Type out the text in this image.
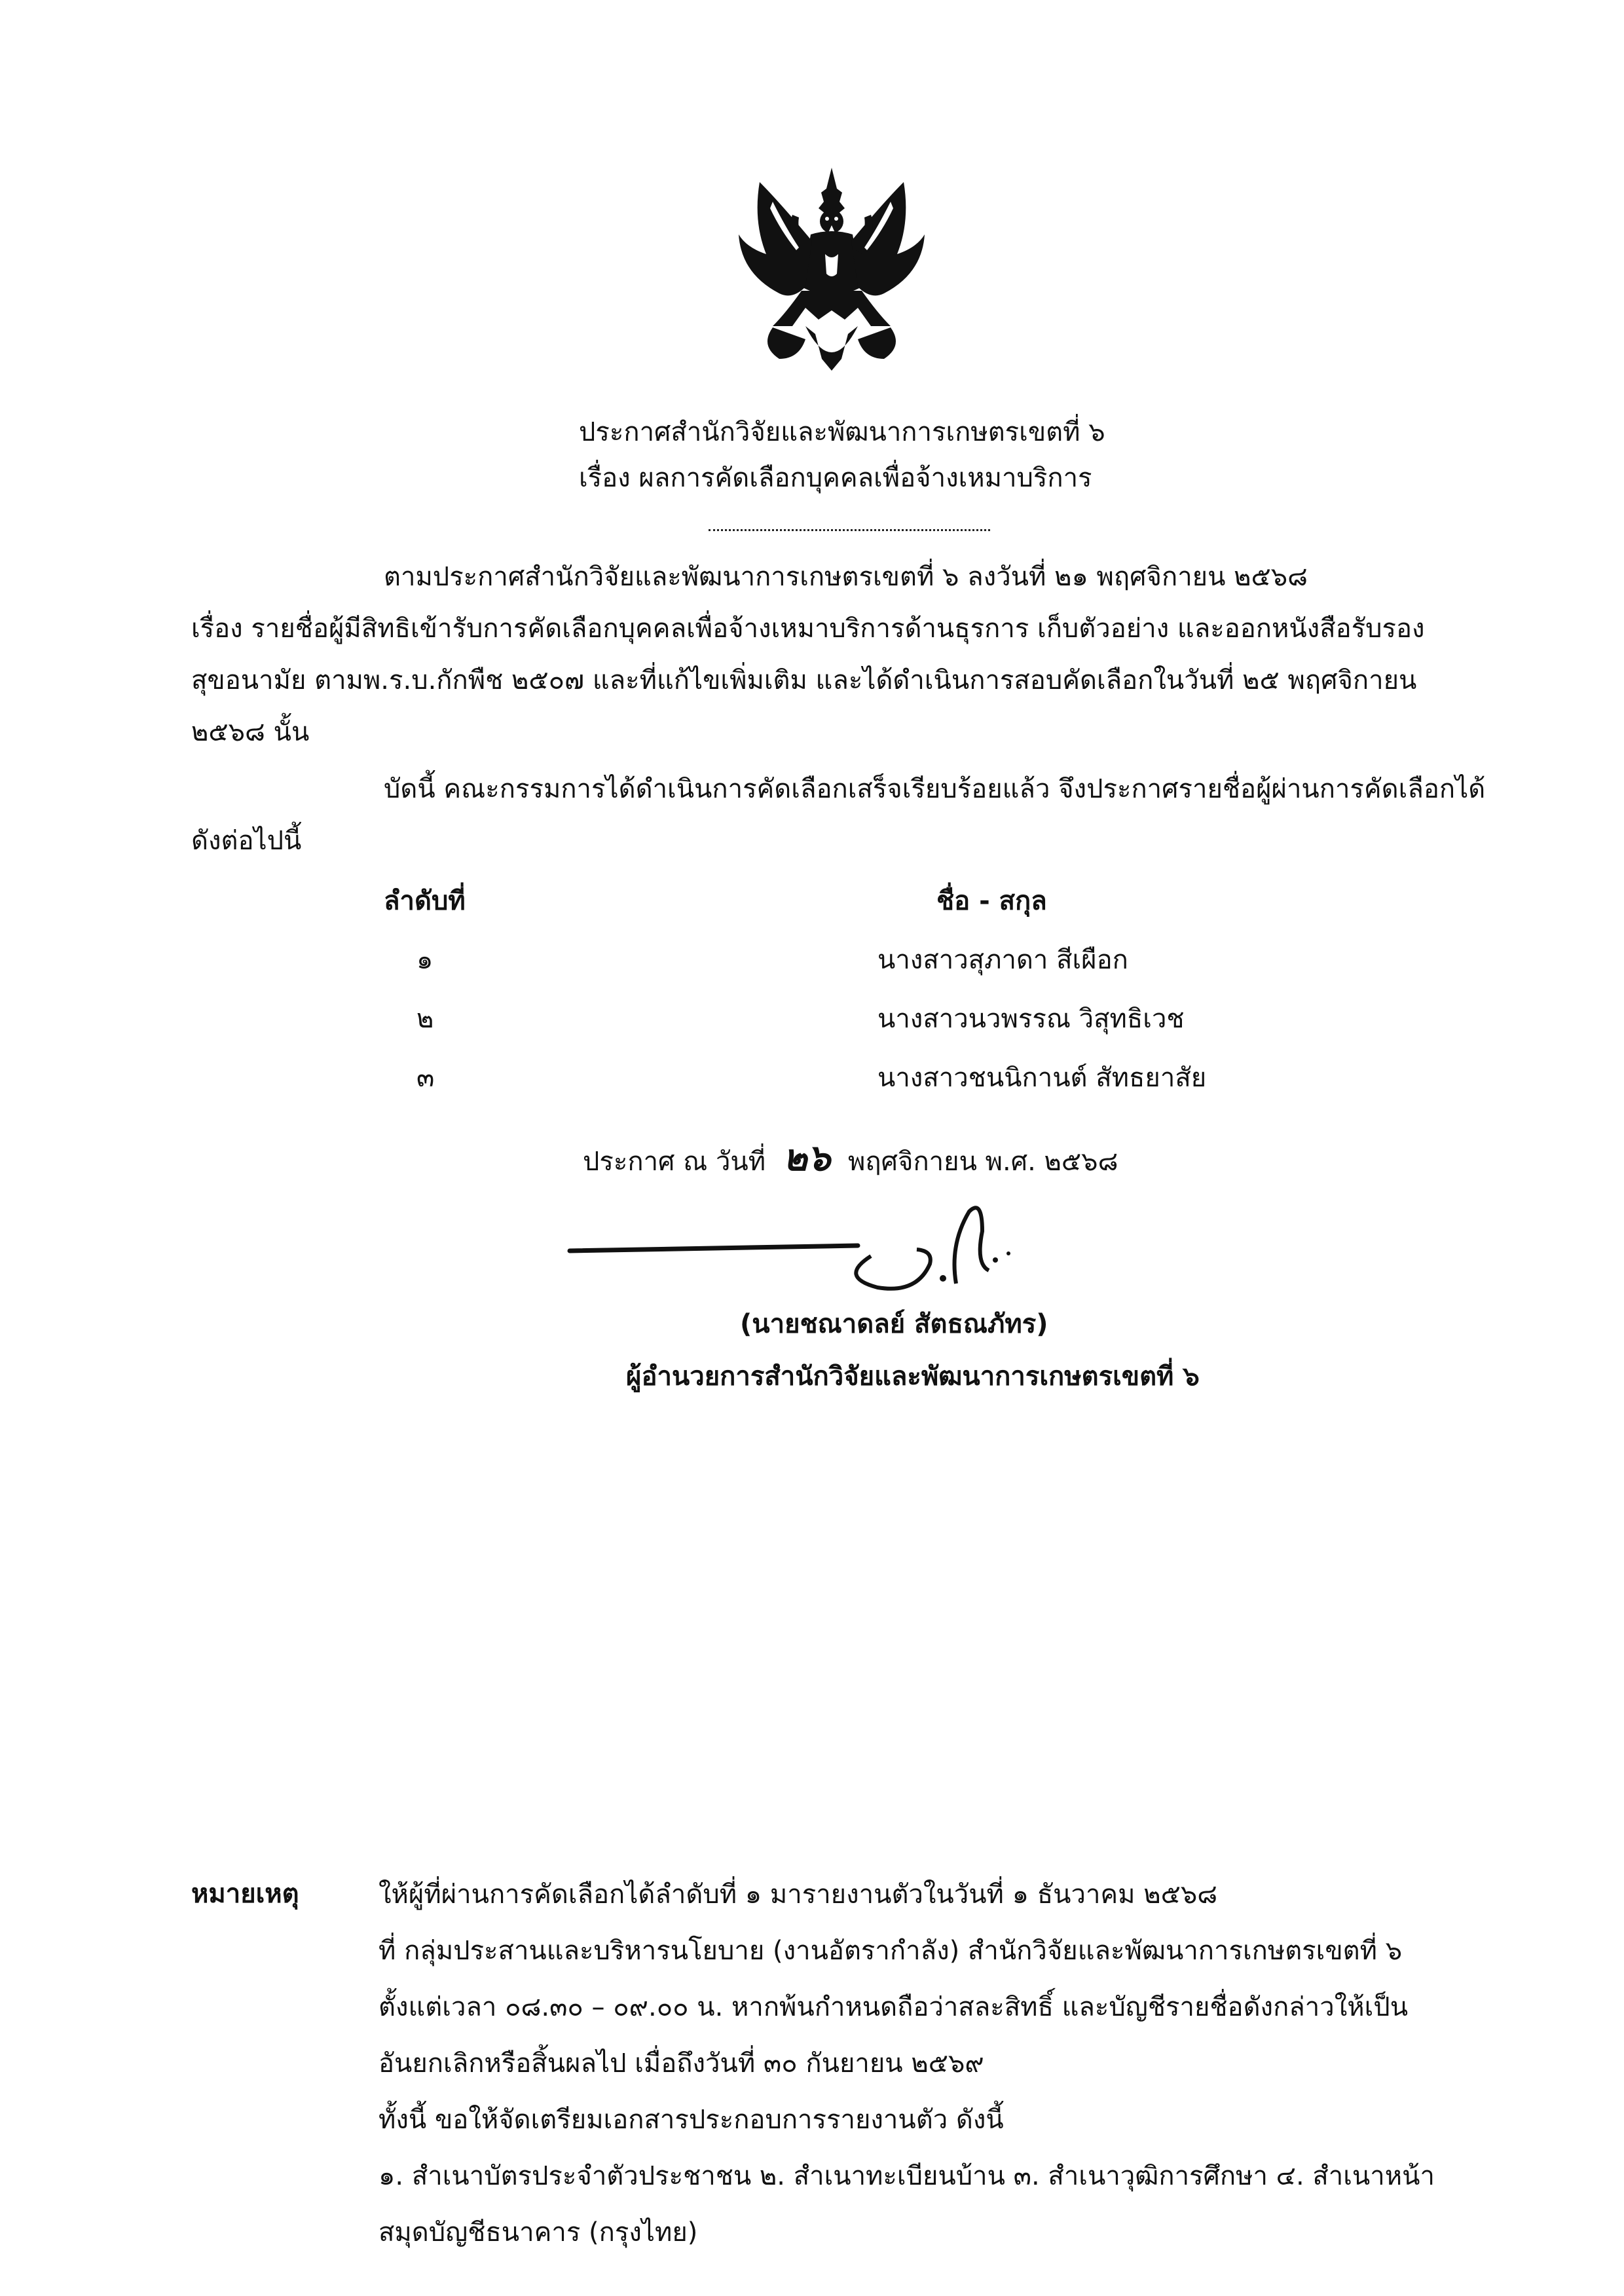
ประกาศสำนักวิจัยและพัฒนาการเกษตรเขตที่ ๖
เรื่อง ผลการคัดเลือกบุคคลเพื่อจ้างเหมาบริการ
ตามประกาศสำนักวิจัยและพัฒนาการเกษตรเขตที่ ๖ ลงวันที่ ๒๑ พฤศจิกายน ๒๕๖๘
เรื่อง รายชื่อผู้มีสิทธิเข้ารับการคัดเลือกบุคคลเพื่อจ้างเหมาบริการด้านธุรการ เก็บตัวอย่าง และออกหนังสือรับรอง
สุขอนามัย ตามพ.ร.บ.กักพืช ๒๕๐๗ และที่แก้ไขเพิ่มเติม และได้ดำเนินการสอบคัดเลือกในวันที่ ๒๕ พฤศจิกายน
๒๕๖๘ นั้น
บัดนี้ คณะกรรมการได้ดำเนินการคัดเลือกเสร็จเรียบร้อยแล้ว จึงประกาศรายชื่อผู้ผ่านการคัดเลือกได้
ดังต่อไปนี้
ลำดับที่	ชื่อ - สกุล
๑	นางสาวสุภาดา สีเผือก
๒	นางสาวนวพรรณ วิสุทธิเวช
๓	นางสาวชนนิกานต์ สัทธยาสัย
ประกาศ ณ วันที่ ๒๖ พฤศจิกายน พ.ศ. ๒๕๖๘
(นายชณาดลย์ สัตธณภัทร)
ผู้อำนวยการสำนักวิจัยและพัฒนาการเกษตรเขตที่ ๖
หมายเหตุ	ให้ผู้ที่ผ่านการคัดเลือกได้ลำดับที่ ๑ มารายงานตัวในวันที่ ๑ ธันวาคม ๒๕๖๘
ที่ กลุ่มประสานและบริหารนโยบาย (งานอัตรากำลัง) สำนักวิจัยและพัฒนาการเกษตรเขตที่ ๖
ตั้งแต่เวลา ๐๘.๓๐ – ๐๙.๐๐ น. หากพ้นกำหนดถือว่าสละสิทธิ์ และบัญชีรายชื่อดังกล่าวให้เป็น
อันยกเลิกหรือสิ้นผลไป เมื่อถึงวันที่ ๓๐ กันยายน ๒๕๖๙
ทั้งนี้ ขอให้จัดเตรียมเอกสารประกอบการรายงานตัว ดังนี้
๑. สำเนาบัตรประจำตัวประชาชน ๒. สำเนาทะเบียนบ้าน ๓. สำเนาวุฒิการศึกษา ๔. สำเนาหน้า
สมุดบัญชีธนาคาร (กรุงไทย)
